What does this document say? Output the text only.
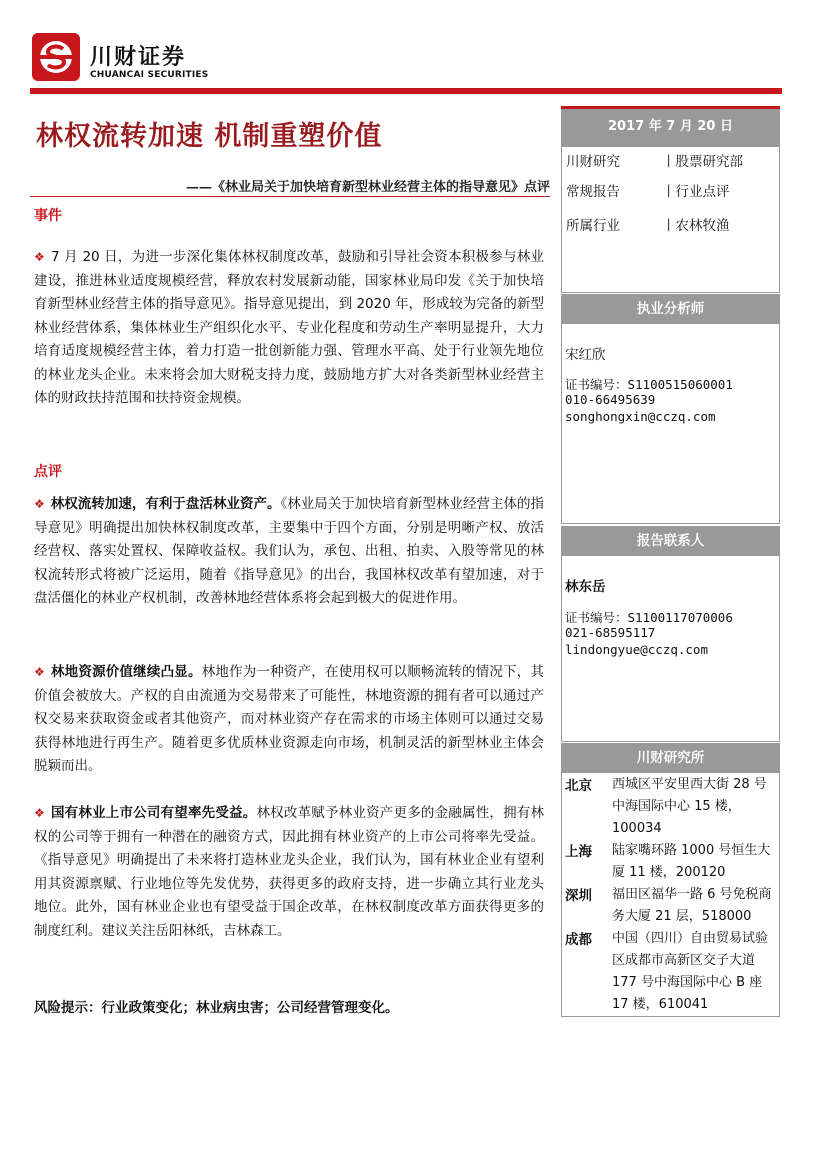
川财证券
CHUANCAI SECURITIES
林权流转加速 机制重塑价值
——《林业局关于加快培育新型林业经营主体的指导意见》点评
事件

❖ 7 月 20 日，为进一步深化集体林权制度改革，鼓励和引导社会资本积极参与林业建设，推进林业适度规模经营，释放农村发展新动能，国家林业局印发《关于加快培育新型林业经营主体的指导意见》。指导意见提出，到 2020 年，形成较为完备的新型林业经营体系，集体林业生产组织化水平、专业化程度和劳动生产率明显提升，大力培育适度规模经营主体，着力打造一批创新能力强、管理水平高、处于行业领先地位的林业龙头企业。未来将会加大财税支持力度，鼓励地方扩大对各类新型林业经营主体的财政扶持范围和扶持资金规模。

点评

❖ 林权流转加速，有利于盘活林业资产。《林业局关于加快培育新型林业经营主体的指导意见》明确提出加快林权制度改革，主要集中于四个方面，分别是明晰产权、放活经营权、落实处置权、保障收益权。我们认为，承包、出租、拍卖、入股等常见的林权流转形式将被广泛运用，随着《指导意见》的出台，我国林权改革有望加速，对于盘活僵化的林业产权机制，改善林地经营体系将会起到极大的促进作用。

❖ 林地资源价值继续凸显。林地作为一种资产，在使用权可以顺畅流转的情况下，其价值会被放大。产权的自由流通为交易带来了可能性，林地资源的拥有者可以通过产权交易来获取资金或者其他资产，而对林业资产存在需求的市场主体则可以通过交易获得林地进行再生产。随着更多优质林业资源走向市场，机制灵活的新型林业主体会脱颖而出。

❖ 国有林业上市公司有望率先受益。林权改革赋予林业资产更多的金融属性，拥有林权的公司等于拥有一种潜在的融资方式，因此拥有林业资产的上市公司将率先受益。《指导意见》明确提出了未来将打造林业龙头企业，我们认为，国有林业企业有望利用其资源禀赋、行业地位等先发优势，获得更多的政府支持，进一步确立其行业龙头地位。此外，国有林业企业也有望受益于国企改革，在林权制度改革方面获得更多的制度红利。建议关注岳阳林纸，吉林森工。

风险提示：行业政策变化；林业病虫害；公司经营管理变化。
2017 年 7 月 20 日
川财研究	丨股票研究部
常规报告	丨行业点评
所属行业	丨农林牧渔
执业分析师
宋红欣
证书编号：S1100515060001
010-66495639
songhongxin@cczq.com
报告联系人
林东岳
证书编号：S1100117070006
021-68595117
lindongyue@cczq.com
川财研究所
北京 西城区平安里西大街 28 号中海国际中心 15 楼，100034
上海 陆家嘴环路 1000 号恒生大厦 11 楼，200120
深圳 福田区福华一路 6 号免税商务大厦 21 层，518000
成都 中国（四川）自由贸易试验区成都市高新区交子大道 177 号中海国际中心 B 座 17 楼，610041
